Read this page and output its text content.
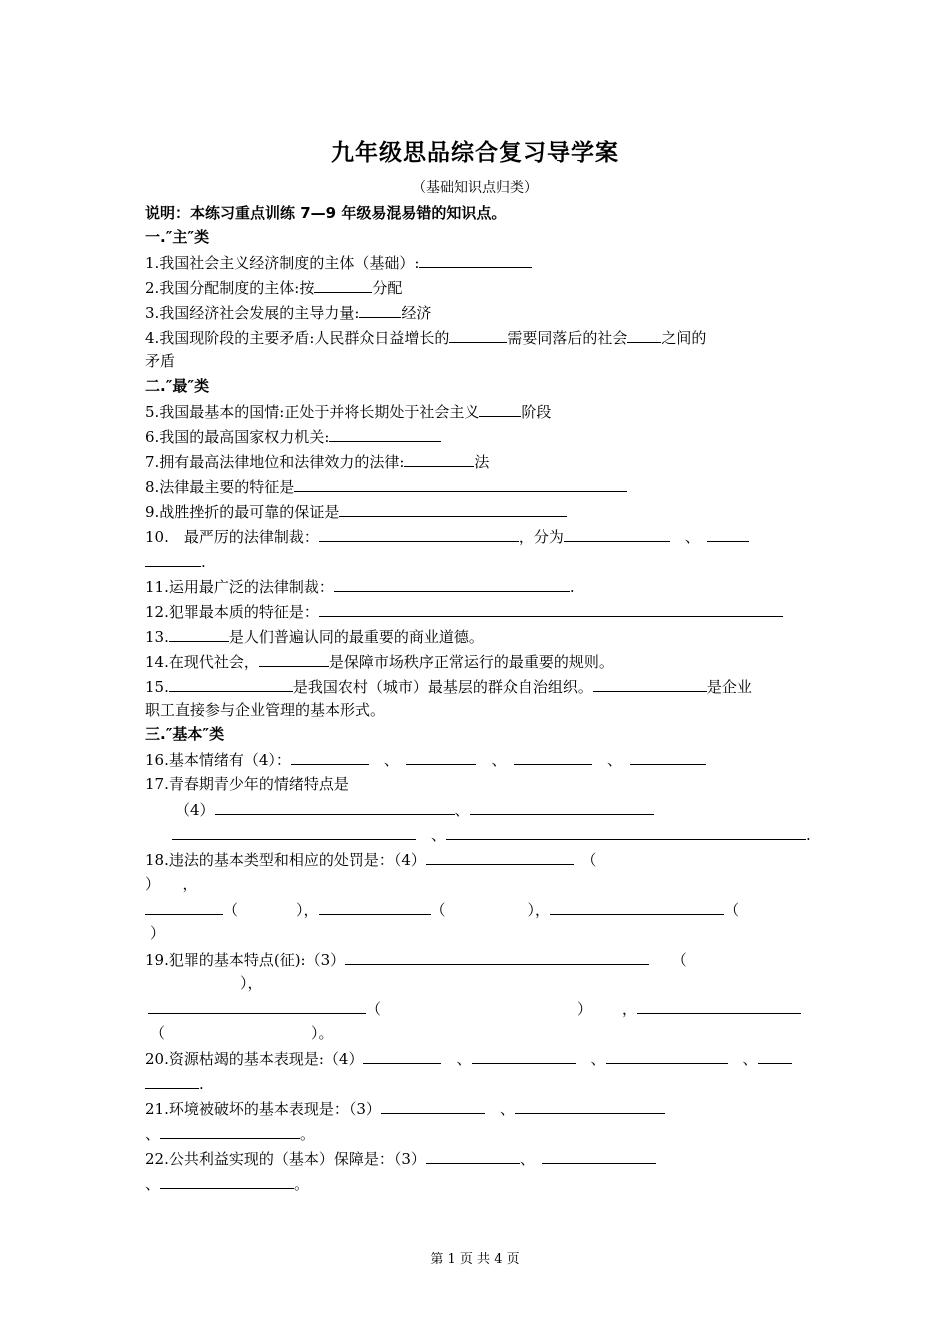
九年级思品综合复习导学案
（基础知识点归类）
说明：本练习重点训练 7—9 年级易混易错的知识点。
一.″主″类
1.我国社会主义经济制度的主体（基础）:
2.我国分配制度的主体:按	分配
3.我国经济社会发展的主导力量:	经济
4.我国现阶段的主要矛盾:人民群众日益增长的	需要同落后的社会 之间的
矛盾
二.″最″类
5.我国最基本的国情:正处于并将长期处于社会主义	阶段
6.我国的最高国家权力机关:
7.拥有最高法律地位和法律效力的法律:	法
8.法律最主要的特征是
9.战胜挫折的最可靠的保证是
10.　最严厉的法律制裁：	，分为　	、　
.
11.运用最广泛的法律制裁：	.
12.犯罪最本质的特征是：
13.	是人们普遍认同的最重要的商业道德。
14.在现代社会，	是保障市场秩序正常运行的最重要的规则。
15.	是我国农村（城市）最基层的群众自治组织。	是企业
职工直接参与企业管理的基本形式。
三.″基本″类
16.基本情绪有（4）：　	、　　	、　　	、　
17.青春期青少年的情绪特点是
（4）	、
　、	.
18.违法的基本类型和相应的处罚是：（4）　	（
）　　，
（	），	（	），	（
）
19.犯罪的基本特点(征):（3）　　	（
），
（	） ，
（	）。
20.资源枯竭的基本表现是:（4）　	、　	、　	、
.
21.环境被破坏的基本表现是：（3）　	、
、	。
22.公共利益实现的（基本）保障是：（3）	、　
、	。
第 1 页 共 4 页
